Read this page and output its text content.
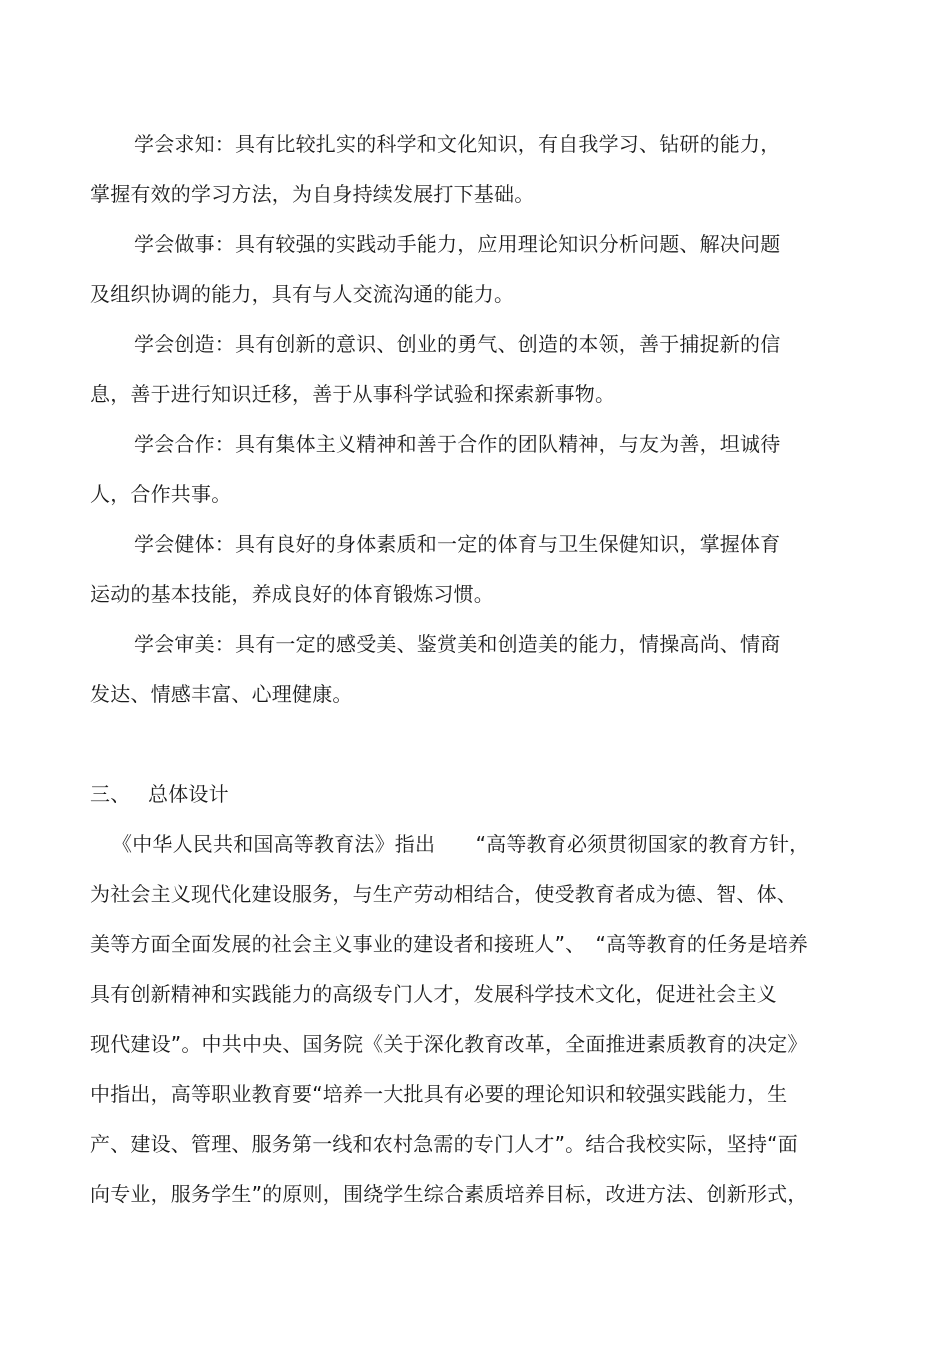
学会求知：具有比较扎实的科学和文化知识，有自我学习、钻研的能力，
掌握有效的学习方法，为自身持续发展打下基础。
学会做事：具有较强的实践动手能力，应用理论知识分析问题、解决问题
及组织协调的能力，具有与人交流沟通的能力。
学会创造：具有创新的意识、创业的勇气、创造的本领，善于捕捉新的信
息，善于进行知识迁移，善于从事科学试验和探索新事物。
学会合作：具有集体主义精神和善于合作的团队精神，与友为善，坦诚待
人，合作共事。
学会健体：具有良好的身体素质和一定的体育与卫生保健知识，掌握体育
运动的基本技能，养成良好的体育锻炼习惯。
学会审美：具有一定的感受美、鉴赏美和创造美的能力，情操高尚、情商
发达、情感丰富、心理健康。
三、 总体设计
《中华人民共和国高等教育法》指出　　“高等教育必须贯彻国家的教育方针，
为社会主义现代化建设服务，与生产劳动相结合，使受教育者成为德、智、体、
美等方面全面发展的社会主义事业的建设者和接班人”、　“高等教育的任务是培养
具有创新精神和实践能力的高级专门人才，发展科学技术文化，促进社会主义
现代建设”。中共中央、国务院《关于深化教育改革，全面推进素质教育的决定》
中指出，高等职业教育要“培养一大批具有必要的理论知识和较强实践能力，生
产、建设、管理、服务第一线和农村急需的专门人才”。结合我校实际，坚持“面
向专业，服务学生”的原则，围绕学生综合素质培养目标，改进方法、创新形式，
